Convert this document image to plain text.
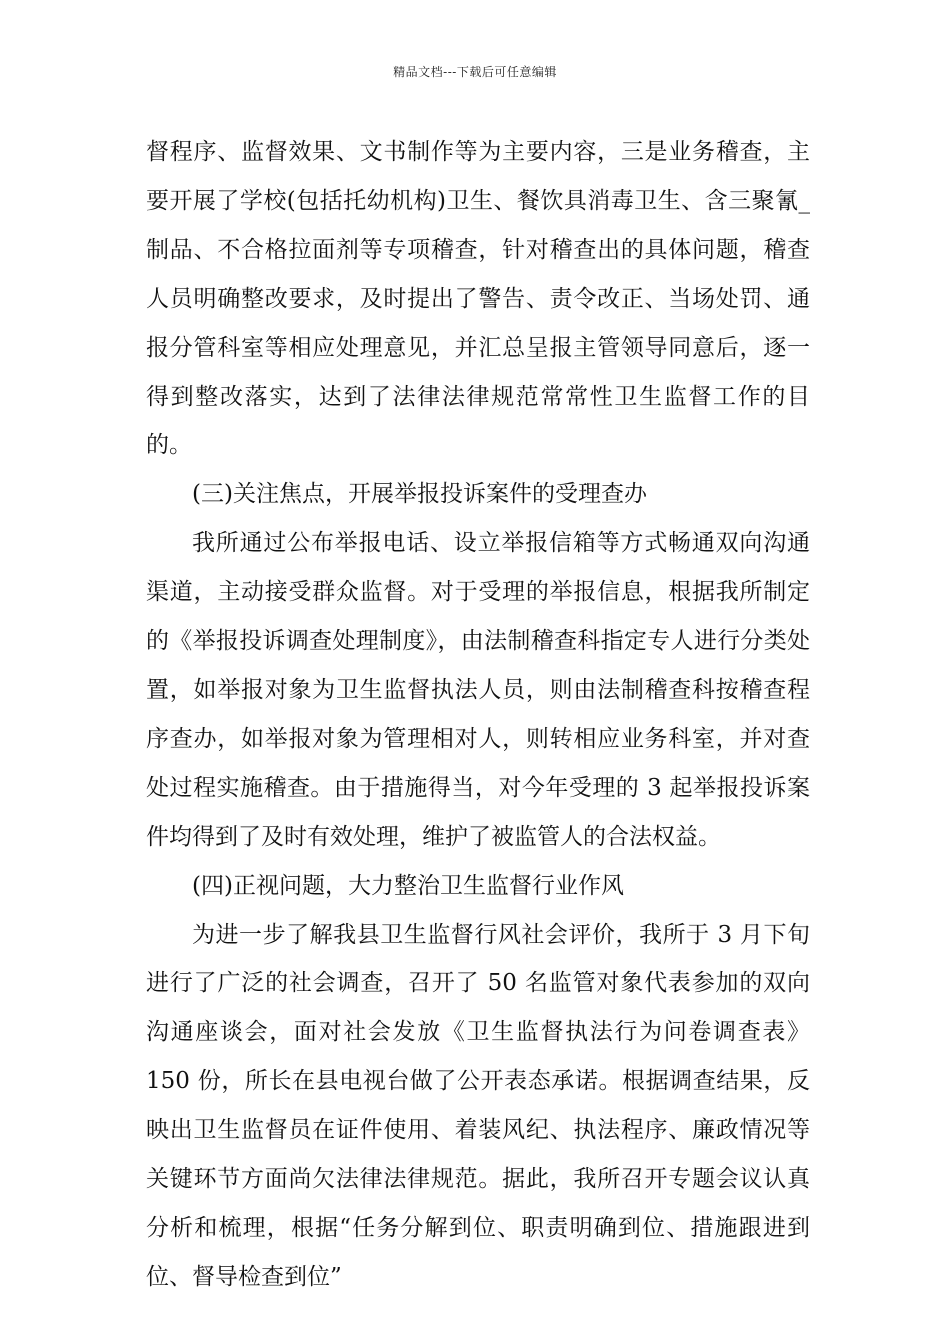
精品文档---下载后可任意编辑

督程序、监督效果、文书制作等为主要内容，三是业务稽查，主要开展了学校(包括托幼机构)卫生、餐饮具消毒卫生、含三聚氰_制品、不合格拉面剂等专项稽查，针对稽查出的具体问题，稽查人员明确整改要求，及时提出了警告、责令改正、当场处罚、通报分管科室等相应处理意见，并汇总呈报主管领导同意后，逐一得到整改落实，达到了法律法律规范常常性卫生监督工作的目的。

(三)关注焦点，开展举报投诉案件的受理查办

我所通过公布举报电话、设立举报信箱等方式畅通双向沟通渠道，主动接受群众监督。对于受理的举报信息，根据我所制定的《举报投诉调查处理制度》，由法制稽查科指定专人进行分类处置，如举报对象为卫生监督执法人员，则由法制稽查科按稽查程序查办，如举报对象为管理相对人，则转相应业务科室，并对查处过程实施稽查。由于措施得当，对今年受理的 3 起举报投诉案件均得到了及时有效处理，维护了被监管人的合法权益。

(四)正视问题，大力整治卫生监督行业作风

为进一步了解我县卫生监督行风社会评价，我所于 3 月下旬进行了广泛的社会调查，召开了 50 名监管对象代表参加的双向沟通座谈会，面对社会发放《卫生监督执法行为问卷调查表》150 份，所长在县电视台做了公开表态承诺。根据调查结果，反映出卫生监督员在证件使用、着装风纪、执法程序、廉政情况等关键环节方面尚欠法律法律规范。据此，我所召开专题会议认真分析和梳理，根据“任务分解到位、职责明确到位、措施跟进到位、督导检查到位”
